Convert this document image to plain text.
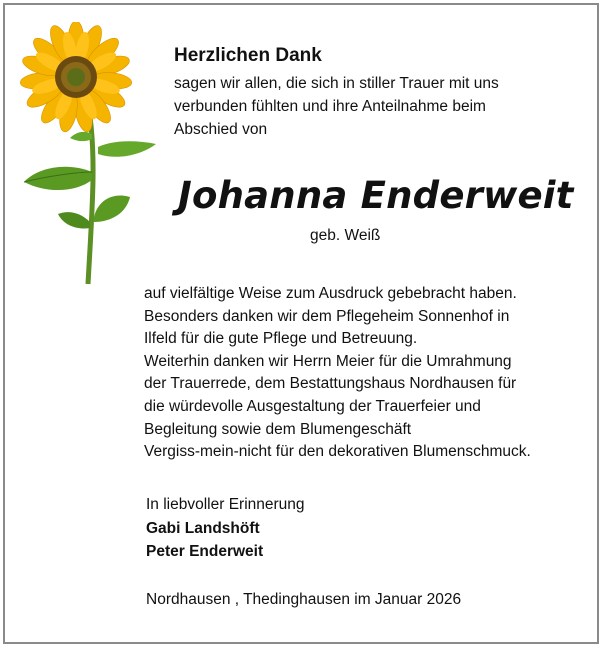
Herzlichen Dank

sagen wir allen, die sich in stiller Trauer mit uns
verbunden fühlten und ihre Anteilnahme beim
Abschied von

Johanna Enderweit

geb. Weiß

auf vielfältige Weise zum Ausdruck gebebracht haben.
Besonders danken wir dem Pflegeheim Sonnenhof in
Ilfeld für die gute Pflege und Betreuung.
Weiterhin danken wir Herrn Meier für die Umrahmung
der Trauerrede, dem Bestattungshaus Nordhausen für
die würdevolle Ausgestaltung der Trauerfeier und
Begleitung sowie dem Blumengeschäft
Vergiss-mein-nicht für den dekorativen Blumenschmuck.

In liebvoller Erinnerung
Gabi Landshöft
Peter Enderweit

Nordhausen , Thedinghausen im Januar 2026
